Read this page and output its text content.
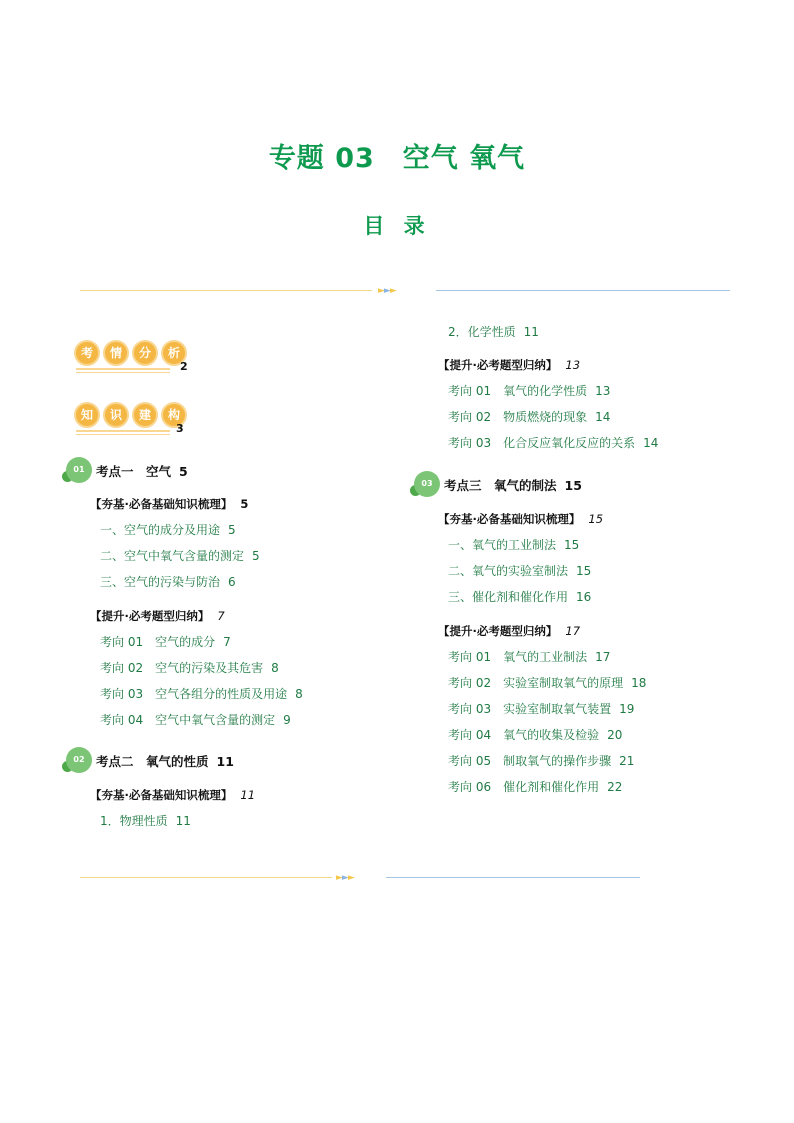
专题 03　空气 氧气
目 录
►►►
考	情	分	析
2
知	识	建	构
3
01 考点一　空气 5
【夯基·必备基础知识梳理】 5
一、空气的成分及用途 5
二、空气中氧气含量的测定 5
三、空气的污染与防治 6
【提升·必考题型归纳】 7
考向 01　空气的成分 7
考向 02　空气的污染及其危害 8
考向 03　空气各组分的性质及用途 8
考向 04　空气中氧气含量的测定 9
02 考点二　氧气的性质 11
【夯基·必备基础知识梳理】 11
1．物理性质 11
2．化学性质 11
【提升·必考题型归纳】 13
考向 01　氧气的化学性质 13
考向 02　物质燃烧的现象 14
考向 03　化合反应氧化反应的关系 14
03 考点三　氧气的制法 15
【夯基·必备基础知识梳理】 15
一、氧气的工业制法 15
二、氧气的实验室制法 15
三、催化剂和催化作用 16
【提升·必考题型归纳】 17
考向 01　氧气的工业制法 17
考向 02　实验室制取氧气的原理 18
考向 03　实验室制取氧气装置 19
考向 04　氧气的收集及检验 20
考向 05　制取氧气的操作步骤 21
考向 06　催化剂和催化作用 22
►►►
